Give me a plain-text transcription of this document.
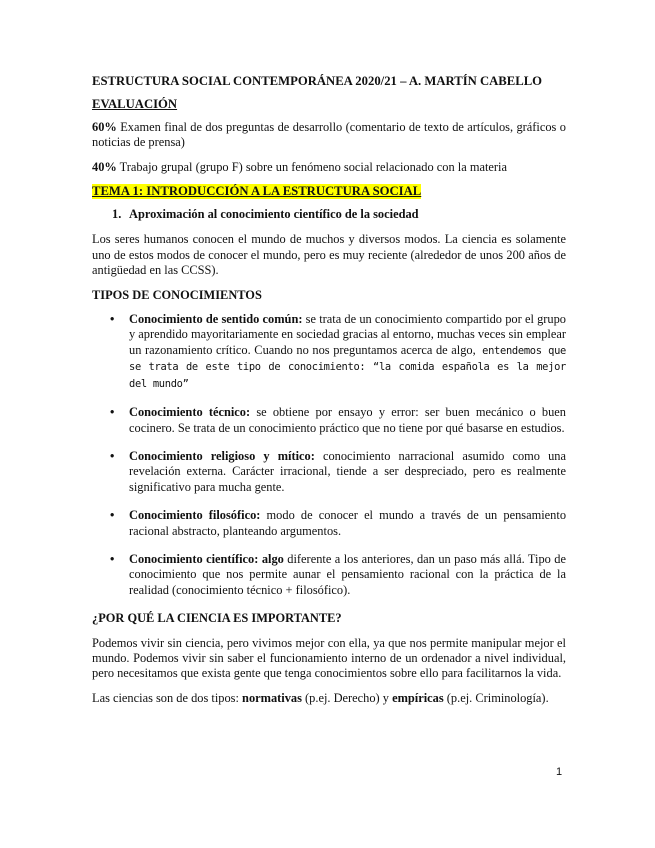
ESTRUCTURA SOCIAL CONTEMPORÁNEA 2020/21 – A. MARTÍN CABELLO

EVALUACIÓN

60% Examen final de dos preguntas de desarrollo (comentario de texto de artículos, gráficos o noticias de prensa)

40% Trabajo grupal (grupo F) sobre un fenómeno social relacionado con la materia

TEMA 1: INTRODUCCIÓN A LA ESTRUCTURA SOCIAL

1. Aproximación al conocimiento científico de la sociedad

Los seres humanos conocen el mundo de muchos y diversos modos. La ciencia es solamente uno de estos modos de conocer el mundo, pero es muy reciente (alrededor de unos 200 años de antigüedad en las CCSS).

TIPOS DE CONOCIMIENTOS

• Conocimiento de sentido común: se trata de un conocimiento compartido por el grupo y aprendido mayoritariamente en sociedad gracias al entorno, muchas veces sin emplear un razonamiento crítico. Cuando no nos preguntamos acerca de algo, entendemos que se trata de este tipo de conocimiento: “la comida española es la mejor del mundo”
• Conocimiento técnico: se obtiene por ensayo y error: ser buen mecánico o buen cocinero. Se trata de un conocimiento práctico que no tiene por qué basarse en estudios.
• Conocimiento religioso y mítico: conocimiento narracional asumido como una revelación externa. Carácter irracional, tiende a ser despreciado, pero es realmente significativo para mucha gente.
• Conocimiento filosófico: modo de conocer el mundo a través de un pensamiento racional abstracto, planteando argumentos.
• Conocimiento científico: algo diferente a los anteriores, dan un paso más allá. Tipo de conocimiento que nos permite aunar el pensamiento racional con la práctica de la realidad (conocimiento técnico + filosófico).

¿POR QUÉ LA CIENCIA ES IMPORTANTE?

Podemos vivir sin ciencia, pero vivimos mejor con ella, ya que nos permite manipular mejor el mundo. Podemos vivir sin saber el funcionamiento interno de un ordenador a nivel individual, pero necesitamos que exista gente que tenga conocimientos sobre ello para facilitarnos la vida.

Las ciencias son de dos tipos: normativas (p.ej. Derecho) y empíricas (p.ej. Criminología).

1
